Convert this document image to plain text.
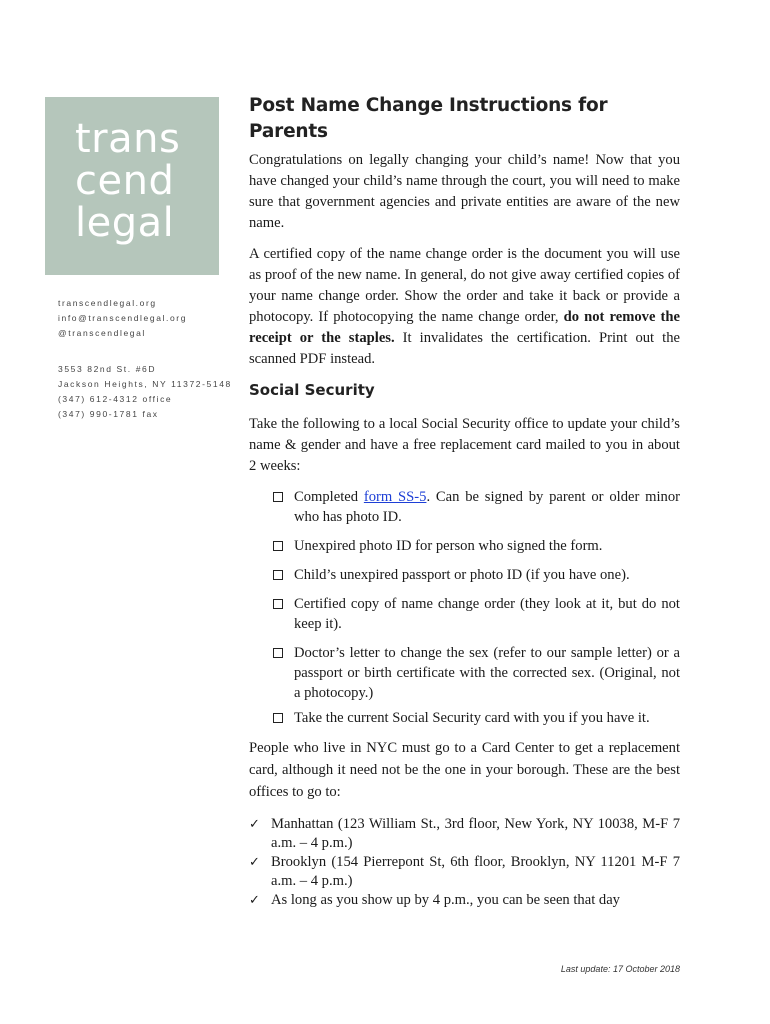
trans
cend
legal
transcendlegal.org
info@transcendlegal.org
@transcendlegal
3553 82nd St. #6D
Jackson Heights, NY 11372-5148
(347) 612-4312 office
(347) 990-1781 fax
Post Name Change Instructions for Parents

Congratulations on legally changing your child’s name! Now that you have changed your child’s name through the court, you will need to make sure that government agencies and private entities are aware of the new name.

A certified copy of the name change order is the document you will use as proof of the new name. In general, do not give away certified copies of your name change order. Show the order and take it back or provide a photocopy. If photocopying the name change order, do not remove the receipt or the staples. It invalidates the certification. Print out the scanned PDF instead.

Social Security

Take the following to a local Social Security office to update your child’s name & gender and have a free replacement card mailed to you in about 2 weeks:

Completed form SS-5. Can be signed by parent or older minor who has photo ID.
Unexpired photo ID for person who signed the form.
Child’s unexpired passport or photo ID (if you have one).
Certified copy of name change order (they look at it, but do not keep it).
Doctor’s letter to change the sex (refer to our sample letter) or a passport or birth certificate with the corrected sex. (Original, not a photocopy.)
Take the current Social Security card with you if you have it.

People who live in NYC must go to a Card Center to get a replacement card, although it need not be the one in your borough. These are the best offices to go to:

✓ Manhattan (123 William St., 3rd floor, New York, NY 10038, M-F 7 a.m. – 4 p.m.)
✓ Brooklyn (154 Pierrepont St, 6th floor, Brooklyn, NY 11201 M-F 7 a.m. – 4 p.m.)
✓ As long as you show up by 4 p.m., you can be seen that day
Last update: 17 October 2018
